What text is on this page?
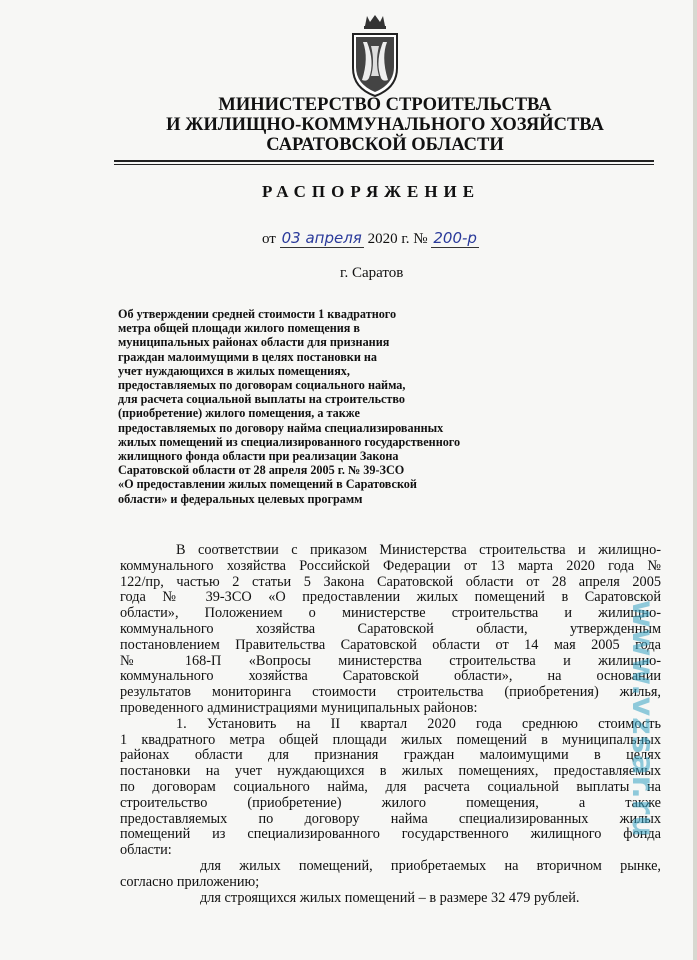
МИНИСТЕРСТВО СТРОИТЕЛЬСТВА
И ЖИЛИЩНО-КОММУНАЛЬНОГО ХОЗЯЙСТВА
САРАТОВСКОЙ ОБЛАСТИ
РАСПОРЯЖЕНИЕ
от 03 апреля 2020 г. № 200-р
г. Саратов
Об утверждении средней стоимости 1 квадратного
метра общей площади жилого помещения в
муниципальных районах области для признания
граждан малоимущими в целях постановки на
учет нуждающихся в жилых помещениях,
предоставляемых по договорам социального найма,
для расчета социальной выплаты на строительство
(приобретение) жилого помещения, а также
предоставляемых по договору найма специализированных
жилых помещений из специализированного государственного
жилищного фонда области при реализации Закона
Саратовской области от 28 апреля 2005 г. № 39-ЗСО
«О предоставлении жилых помещений в Саратовской
области» и федеральных целевых программ
В соответствии с приказом Министерства строительства и жилищно-
коммунального хозяйства Российской Федерации от 13 марта 2020 года №
122/пр, частью 2 статьи 5 Закона Саратовской области от 28 апреля 2005
года № 39-ЗСО «О предоставлении жилых помещений в Саратовской
области», Положением о министерстве строительства и жилищно-
коммунального хозяйства Саратовской области, утвержденным
постановлением Правительства Саратовской области от 14 мая 2005 года
№ 168-П «Вопросы министерства строительства и жилищно-
коммунального хозяйства Саратовской области», на основании
результатов мониторинга стоимости строительства (приобретения) жилья,
проведенного администрациями муниципальных районов:
1. Установить на II квартал 2020 года среднюю стоимость
1 квадратного метра общей площади жилых помещений в муниципальных
районах области для признания граждан малоимущими в целях
постановки на учет нуждающихся в жилых помещениях, предоставляемых
по договорам социального найма, для расчета социальной выплаты на
строительство (приобретение) жилого помещения, а также
предоставляемых по договору найма специализированных жилых
помещений из специализированного государственного жилищного фонда
области:
для жилых помещений, приобретаемых на вторичном рынке,
согласно приложению;
для строящихся жилых помещений – в размере 32 479 рублей.
www.vzsar.ru
